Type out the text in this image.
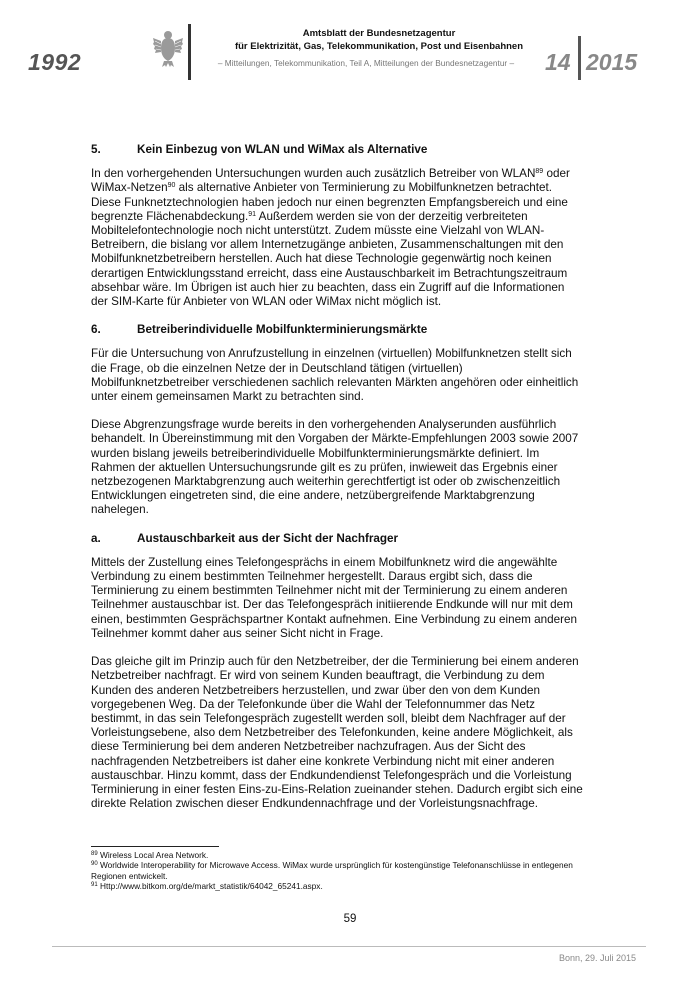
1992
Amtsblatt der Bundesnetzagentur
für Elektrizität, Gas, Telekommunikation, Post und Eisenbahnen
– Mitteilungen, Telekommunikation, Teil A, Mitteilungen der Bundesnetzagentur –	14 2015
5.	Kein Einbezug von WLAN und WiMax als Alternative

In den vorhergehenden Untersuchungen wurden auch zusätzlich Betreiber von WLAN$^{89}$ oder WiMax-Netzen$^{90}$ als alternative Anbieter von Terminierung zu Mobilfunknetzen betrachtet. Diese Funknetztechnologien haben jedoch nur einen begrenzten Empfangsbereich und eine begrenzte Flächenabdeckung.$^{91}$ Außerdem werden sie von der derzeitig verbreiteten Mobiltelefontechnologie noch nicht unterstützt. Zudem müsste eine Vielzahl von WLAN-Betreibern, die bislang vor allem Internetzugänge anbieten, Zusammenschaltungen mit den Mobilfunknetzbetreibern herstellen. Auch hat diese Technologie gegenwärtig noch keinen derartigen Entwicklungsstand erreicht, dass eine Austauschbarkeit im Betrachtungszeitraum absehbar wäre. Im Übrigen ist auch hier zu beachten, dass ein Zugriff auf die Informationen der SIM-Karte für Anbieter von WLAN oder WiMax nicht möglich ist.

6.	Betreiberindividuelle Mobilfunkterminierungsmärkte

Für die Untersuchung von Anrufzustellung in einzelnen (virtuellen) Mobilfunknetzen stellt sich die Frage, ob die einzelnen Netze der in Deutschland tätigen (virtuellen) Mobilfunknetzbetreiber verschiedenen sachlich relevanten Märkten angehören oder einheitlich unter einem gemeinsamen Markt zu betrachten sind.

Diese Abgrenzungsfrage wurde bereits in den vorhergehenden Analyserunden ausführlich behandelt. In Übereinstimmung mit den Vorgaben der Märkte-Empfehlungen 2003 sowie 2007 wurden bislang jeweils betreiberindividuelle Mobilfunkterminierungsmärkte definiert. Im Rahmen der aktuellen Untersuchungsrunde gilt es zu prüfen, inwieweit das Ergebnis einer netzbezogenen Marktabgrenzung auch weiterhin gerechtfertigt ist oder ob zwischenzeitlich Entwicklungen eingetreten sind, die eine andere, netzübergreifende Marktabgrenzung nahelegen.

a.	Austauschbarkeit aus der Sicht der Nachfrager

Mittels der Zustellung eines Telefongesprächs in einem Mobilfunknetz wird die angewählte Verbindung zu einem bestimmten Teilnehmer hergestellt. Daraus ergibt sich, dass die Terminierung zu einem bestimmten Teilnehmer nicht mit der Terminierung zu einem anderen Teilnehmer austauschbar ist. Der das Telefongespräch initiierende Endkunde will nur mit dem einen, bestimmten Gesprächspartner Kontakt aufnehmen. Eine Verbindung zu einem anderen Teilnehmer kommt daher aus seiner Sicht nicht in Frage.

Das gleiche gilt im Prinzip auch für den Netzbetreiber, der die Terminierung bei einem anderen Netzbetreiber nachfragt. Er wird von seinem Kunden beauftragt, die Verbindung zu dem Kunden des anderen Netzbetreibers herzustellen, und zwar über den von dem Kunden vorgegebenen Weg. Da der Telefonkunde über die Wahl der Telefonnummer das Netz bestimmt, in das sein Telefongespräch zugestellt werden soll, bleibt dem Nachfrager auf der Vorleistungsebene, also dem Netzbetreiber des Telefonkunden, keine andere Möglichkeit, als diese Terminierung bei dem anderen Netzbetreiber nachzufragen. Aus der Sicht des nachfragenden Netzbetreibers ist daher eine konkrete Verbindung nicht mit einer anderen austauschbar. Hinzu kommt, dass der Endkundendienst Telefongespräch und die Vorleistung Terminierung in einer festen Eins-zu-Eins-Relation zueinander stehen. Dadurch ergibt sich eine direkte Relation zwischen dieser Endkundennachfrage und der Vorleistungsnachfrage.

$^{89}$ Wireless Local Area Network.
$^{90}$ Worldwide Interoperability for Microwave Access. WiMax wurde ursprünglich für kostengünstige Telefonanschlüsse in entlegenen Regionen entwickelt.
$^{91}$ Http://www.bitkom.org/de/markt_statistik/64042_65241.aspx.
59
Bonn, 29. Juli 2015
